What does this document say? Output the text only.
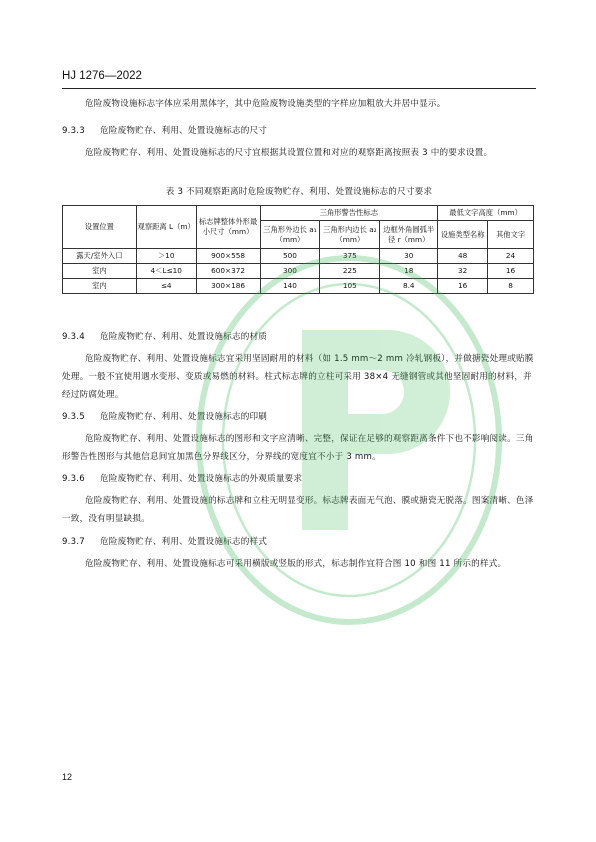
HJ 1276—2022
危险废物设施标志字体应采用黑体字，其中危险废物设施类型的字样应加粗放大并居中显示。
9.3.3 危险废物贮存、利用、处置设施标志的尺寸
危险废物贮存、利用、处置设施标志的尺寸宜根据其设置位置和对应的观察距离按照表 3 中的要求设置。
表 3 不同观察距离时危险废物贮存、利用、处置设施标志的尺寸要求
设置位置	观察距离 L（m）	标志牌整体外形最小尺寸（mm）	三角形警告性标志			最低文字高度（mm）	
			三角形外边长 a₁（mm）	三角形内边长 a₂（mm）	边框外角圆弧半径 r（mm）	设施类型名称	其他文字
露天/室外入口	＞10	900×558	500	375	30	48	24
室内	4＜L≤10	600×372	300	225	18	32	16
室内	≤4	300×186	140	105	8.4	16	8
9.3.4 危险废物贮存、利用、处置设施标志的材质
危险废物贮存、利用、处置设施标志宜采用坚固耐用的材料（如 1.5 mm～2 mm 冷轧钢板），并做搪瓷处理或贴膜处理。一般不宜使用遇水变形、变质或易燃的材料。柱式标志牌的立柱可采用 38×4 无缝钢管或其他坚固耐用的材料，并经过防腐处理。
9.3.5 危险废物贮存、利用、处置设施标志的印刷
危险废物贮存、利用、处置设施标志的图形和文字应清晰、完整，保证在足够的观察距离条件下也不影响阅读。三角形警告性图形与其他信息间宜加黑色分界线区分，分界线的宽度宜不小于 3 mm。
9.3.6 危险废物贮存、利用、处置设施标志的外观质量要求
危险废物贮存、利用、处置设施的标志牌和立柱无明显变形。标志牌表面无气泡、膜或搪瓷无脱落。图案清晰、色泽一致，没有明显缺损。
9.3.7 危险废物贮存、利用、处置设施标志的样式
危险废物贮存、利用、处置设施标志可采用横版或竖版的形式，标志制作宜符合图 10 和图 11 所示的样式。
12
